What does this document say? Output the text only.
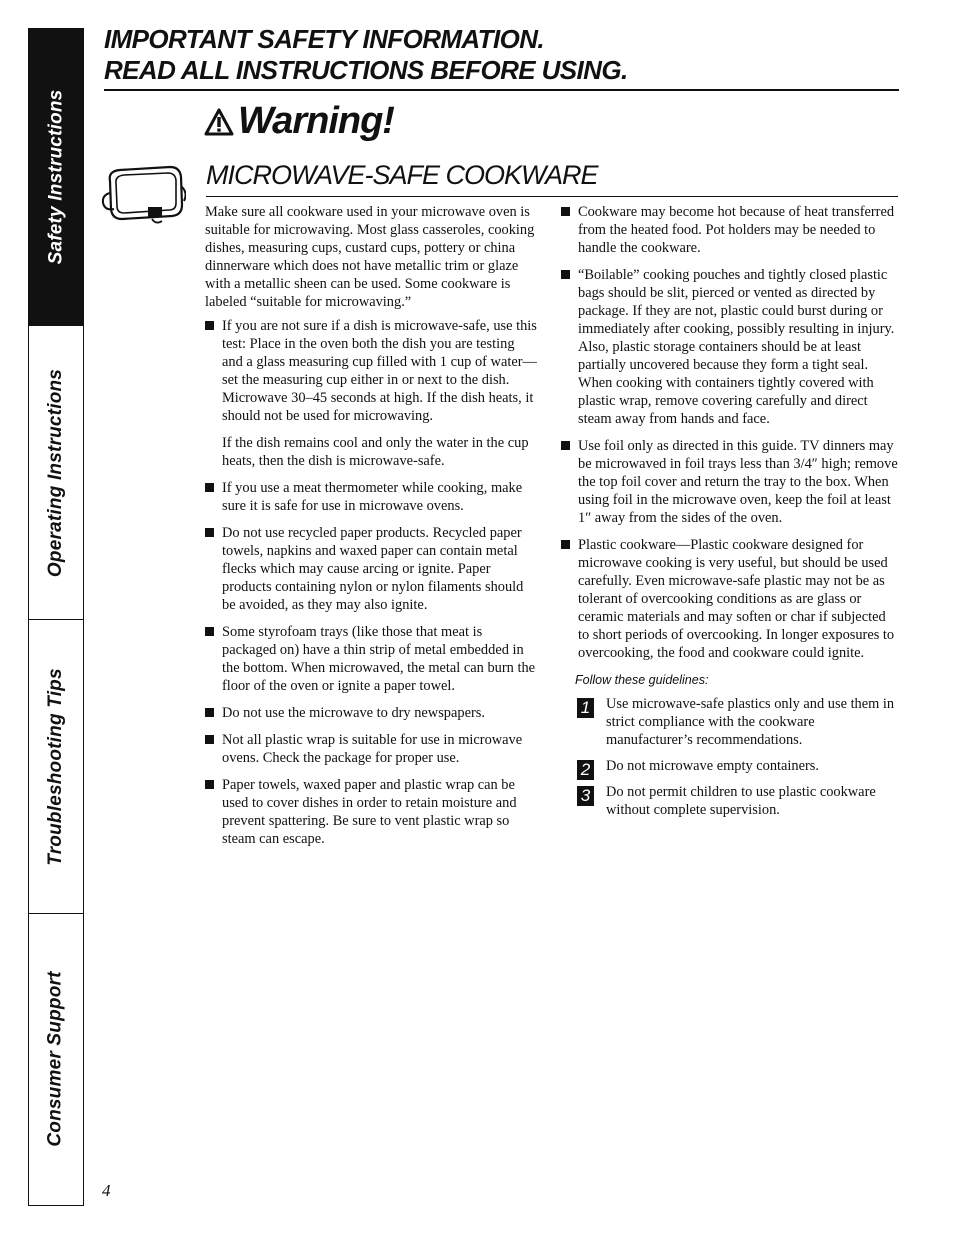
Safety Instructions
Operating Instructions
Troubleshooting Tips
Consumer Support
IMPORTANT SAFETY INFORMATION.
READ ALL INSTRUCTIONS BEFORE USING.
Warning!
MICROWAVE-SAFE COOKWARE

Make sure all cookware used in your microwave oven is suitable for microwaving. Most glass casseroles, cooking dishes, measuring cups, custard cups, pottery or china dinnerware which does not have metallic trim or glaze with a metallic sheen can be used. Some cookware is labeled “suitable for microwaving.”

If you are not sure if a dish is microwave-safe, use this test: Place in the oven both the dish you are testing and a glass measuring cup filled with 1 cup of water—set the measuring cup either in or next to the dish. Microwave 30–45 seconds at high. If the dish heats, it should not be used for microwaving.

If the dish remains cool and only the water in the cup heats, then the dish is microwave-safe.

If you use a meat thermometer while cooking, make sure it is safe for use in microwave ovens.

Do not use recycled paper products. Recycled paper towels, napkins and waxed paper can contain metal flecks which may cause arcing or ignite. Paper products containing nylon or nylon filaments should be avoided, as they may also ignite.

Some styrofoam trays (like those that meat is packaged on) have a thin strip of metal embedded in the bottom. When microwaved, the metal can burn the floor of the oven or ignite a paper towel.

Do not use the microwave to dry newspapers.

Not all plastic wrap is suitable for use in microwave ovens. Check the package for proper use.

Paper towels, waxed paper and plastic wrap can be used to cover dishes in order to retain moisture and prevent spattering. Be sure to vent plastic wrap so steam can escape.

Cookware may become hot because of heat transferred from the heated food. Pot holders may be needed to handle the cookware.

“Boilable” cooking pouches and tightly closed plastic bags should be slit, pierced or vented as directed by package. If they are not, plastic could burst during or immediately after cooking, possibly resulting in injury. Also, plastic storage containers should be at least partially uncovered because they form a tight seal. When cooking with containers tightly covered with plastic wrap, remove covering carefully and direct steam away from hands and face.

Use foil only as directed in this guide. TV dinners may be microwaved in foil trays less than 3/4″ high; remove the top foil cover and return the tray to the box. When using foil in the microwave oven, keep the foil at least 1″ away from the sides of the oven.

Plastic cookware—Plastic cookware designed for microwave cooking is very useful, but should be used carefully. Even microwave-safe plastic may not be as tolerant of overcooking conditions as are glass or ceramic materials and may soften or char if subjected to short periods of overcooking. In longer exposures to overcooking, the food and cookware could ignite.

Follow these guidelines:

1 Use microwave-safe plastics only and use them in strict compliance with the cookware manufacturer’s recommendations.

2 Do not microwave empty containers.

3 Do not permit children to use plastic cookware without complete supervision.

4
